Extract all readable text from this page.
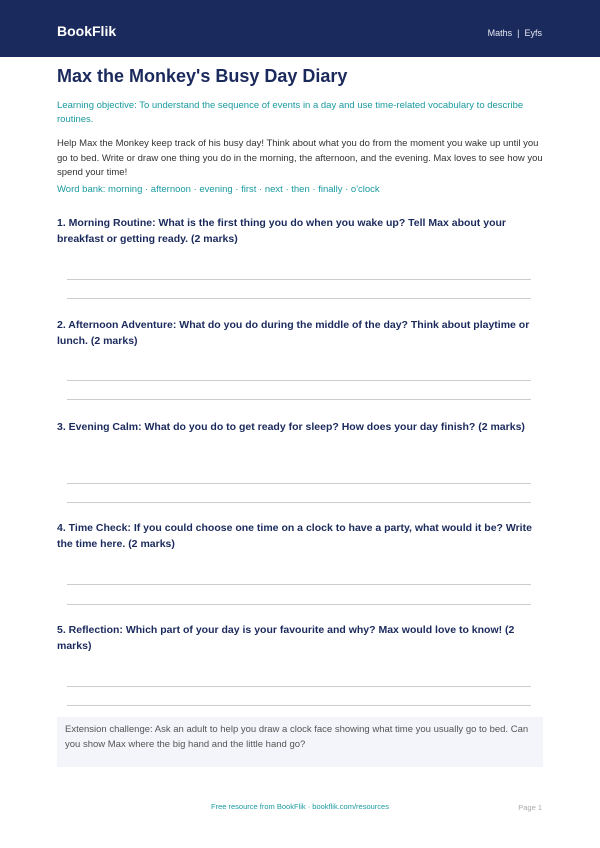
BookFlik	Maths | Eyfs
Max the Monkey's Busy Day Diary

Learning objective: To understand the sequence of events in a day and use time-related vocabulary to describe routines.

Help Max the Monkey keep track of his busy day! Think about what you do from the moment you wake up until you go to bed. Write or draw one thing you do in the morning, the afternoon, and the evening. Max loves to see how you spend your time!

Word bank: morning · afternoon · evening · first · next · then · finally · o'clock

1. Morning Routine: What is the first thing you do when you wake up? Tell Max about your breakfast or getting ready. (2 marks)
2. Afternoon Adventure: What do you do during the middle of the day? Think about playtime or lunch. (2 marks)
3. Evening Calm: What do you do to get ready for sleep? How does your day finish? (2 marks)
4. Time Check: If you could choose one time on a clock to have a party, what would it be? Write the time here. (2 marks)
5. Reflection: Which part of your day is your favourite and why? Max would love to know! (2 marks)
Extension challenge: Ask an adult to help you draw a clock face showing what time you usually go to bed. Can you show Max where the big hand and the little hand go?
Free resource from BookFlik · bookflik.com/resources	Page 1
